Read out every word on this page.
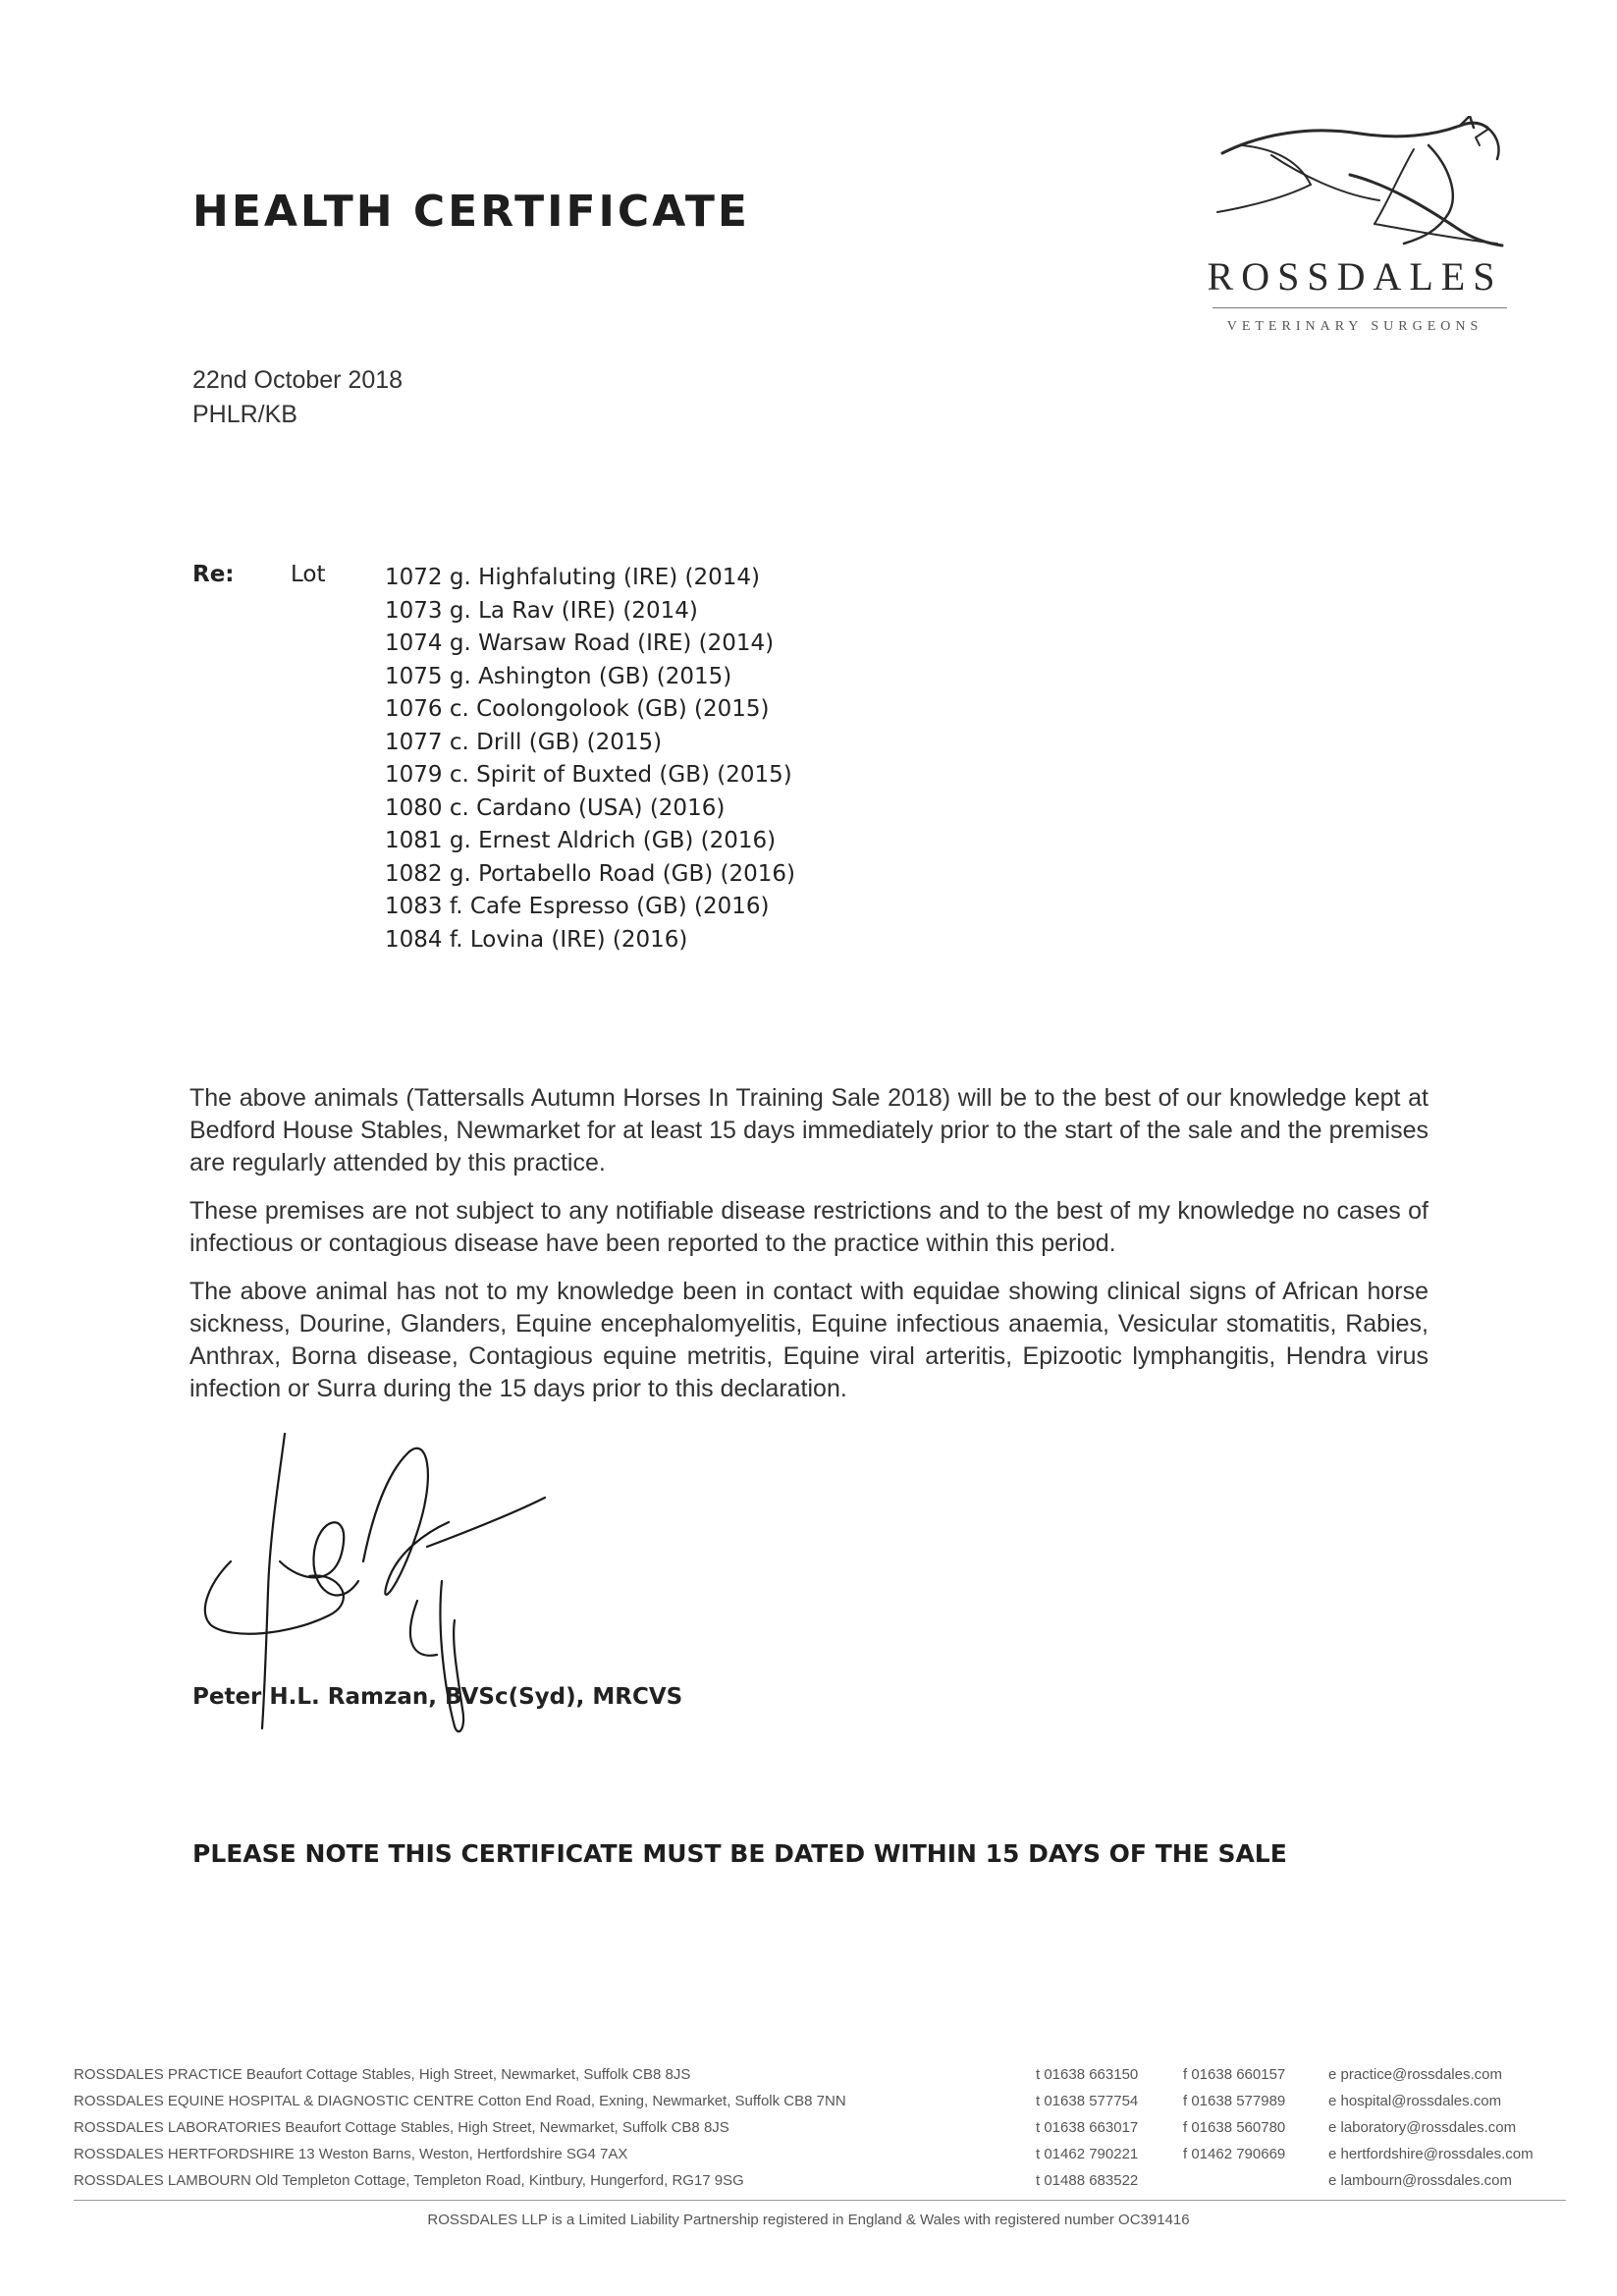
HEALTH CERTIFICATE
ROSSDALES
VETERINARY SURGEONS
22nd October 2018
PHLR/KB
Re: Lot	1072 g. Highfaluting (IRE) (2014)
1073 g. La Rav (IRE) (2014)
1074 g. Warsaw Road (IRE) (2014)
1075 g. Ashington (GB) (2015)
1076 c. Coolongolook (GB) (2015)
1077 c. Drill (GB) (2015)
1079 c. Spirit of Buxted (GB) (2015)
1080 c. Cardano (USA) (2016)
1081 g. Ernest Aldrich (GB) (2016)
1082 g. Portabello Road (GB) (2016)
1083 f. Cafe Espresso (GB) (2016)
1084 f. Lovina (IRE) (2016)

The above animals (Tattersalls Autumn Horses In Training Sale 2018) will be to the best of our knowledge kept at Bedford House Stables, Newmarket for at least 15 days immediately prior to the start of the sale and the premises are regularly attended by this practice.

These premises are not subject to any notifiable disease restrictions and to the best of my knowledge no cases of infectious or contagious disease have been reported to the practice within this period.

The above animal has not to my knowledge been in contact with equidae showing clinical signs of African horse sickness, Dourine, Glanders, Equine encephalomyelitis, Equine infectious anaemia, Vesicular stomatitis, Rabies, Anthrax, Borna disease, Contagious equine metritis, Equine viral arteritis, Epizootic lymphangitis, Hendra virus infection or Surra during the 15 days prior to this declaration.

Peter H.L. Ramzan, BVSc(Syd), MRCVS
PLEASE NOTE THIS CERTIFICATE MUST BE DATED WITHIN 15 DAYS OF THE SALE
ROSSDALES PRACTICE Beaufort Cottage Stables, High Street, Newmarket, Suffolk CB8 8JS	t 01638 663150	f 01638 660157	e practice@rossdales.com
ROSSDALES EQUINE HOSPITAL & DIAGNOSTIC CENTRE Cotton End Road, Exning, Newmarket, Suffolk CB8 7NN	t 01638 577754	f 01638 577989	e hospital@rossdales.com
ROSSDALES LABORATORIES Beaufort Cottage Stables, High Street, Newmarket, Suffolk CB8 8JS	t 01638 663017	f 01638 560780	e laboratory@rossdales.com
ROSSDALES HERTFORDSHIRE 13 Weston Barns, Weston, Hertfordshire SG4 7AX	t 01462 790221	f 01462 790669	e hertfordshire@rossdales.com
ROSSDALES LAMBOURN Old Templeton Cottage, Templeton Road, Kintbury, Hungerford, RG17 9SG	t 01488 683522	e lambourn@rossdales.com
ROSSDALES LLP is a Limited Liability Partnership registered in England & Wales with registered number OC391416
